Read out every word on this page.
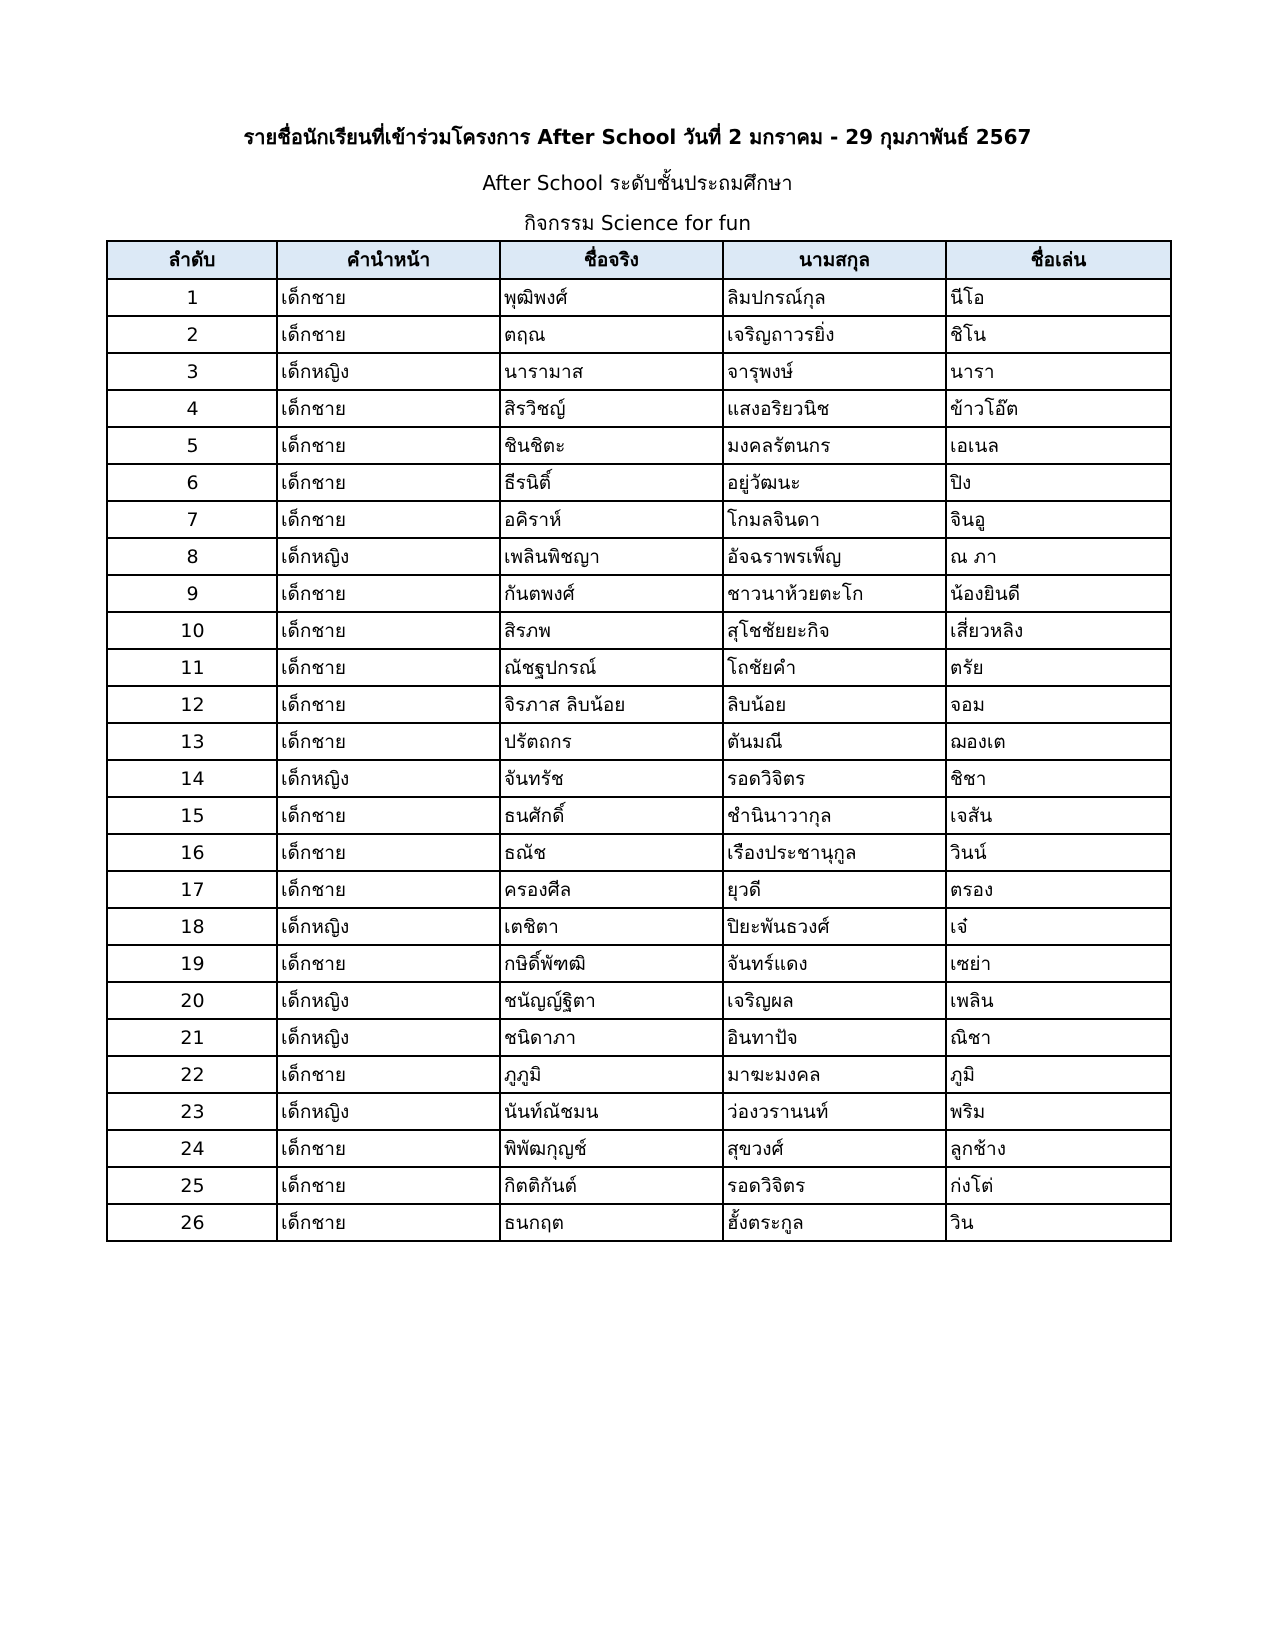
รายชื่อนักเรียนที่เข้าร่วมโครงการ After School วันที่ 2 มกราคม - 29 กุมภาพันธ์ 2567
After School ระดับชั้นประถมศึกษา
กิจกรรม Science for fun
ลำดับ	คำนำหน้า	ชื่อจริง	นามสกุล	ชื่อเล่น
1	เด็กชาย	พุฒิพงศ์	ลิมปกรณ์กุล	นีโอ
2	เด็กชาย	ตฤณ	เจริญถาวรยิ่ง	ชิโน
3	เด็กหญิง	นารามาส	จารุพงษ์	นารา
4	เด็กชาย	สิรวิชญ์	แสงอริยวนิช	ข้าวโอ๊ต
5	เด็กชาย	ชินชิตะ	มงคลรัตนกร	เอเนล
6	เด็กชาย	ธีรนิติ์	อยู่วัฒนะ	ปิง
7	เด็กชาย	อคิราห์	โกมลจินดา	จินอู
8	เด็กหญิง	เพลินพิชญา	อัจฉราพรเพ็ญ	ณ ภา
9	เด็กชาย	กันตพงศ์	ชาวนาห้วยตะโก	น้องยินดี
10	เด็กชาย	สิรภพ	สุโชชัยยะกิจ	เสี่ยวหลิง
11	เด็กชาย	ณัชฐปกรณ์	โถชัยคำ	ตรัย
12	เด็กชาย	จิรภาส ลิบน้อย	ลิบน้อย	จอม
13	เด็กชาย	ปรัตถกร	ตันมณี	ฌองเต
14	เด็กหญิง	จันทรัช	รอดวิจิตร	ชิชา
15	เด็กชาย	ธนศักดิ์	ชำนินาวากุล	เจสัน
16	เด็กชาย	ธณัช	เรืองประชานุกูล	วินน์
17	เด็กชาย	ครองศีล	ยุวดี	ตรอง
18	เด็กหญิง	เตชิตา	ปิยะพันธวงศ์	เจ๋
19	เด็กชาย	กษิดิ์พัฑฒิ	จันทร์แดง	เซย่า
20	เด็กหญิง	ชนัญญ์ฐิตา	เจริญผล	เพลิน
21	เด็กหญิง	ชนิดาภา	อินทาปัจ	ณิชา
22	เด็กชาย	ภูภูมิ	มาฆะมงคล	ภูมิ
23	เด็กหญิง	นันท์ณัชมน	ว่องวรานนท์	พริม
24	เด็กชาย	พิพัฒกุญช์	สุขวงศ์	ลูกช้าง
25	เด็กชาย	กิตติกันต์	รอดวิจิตร	ก่งโต่
26	เด็กชาย	ธนกฤต	ฮั้งตระกูล	วิน
